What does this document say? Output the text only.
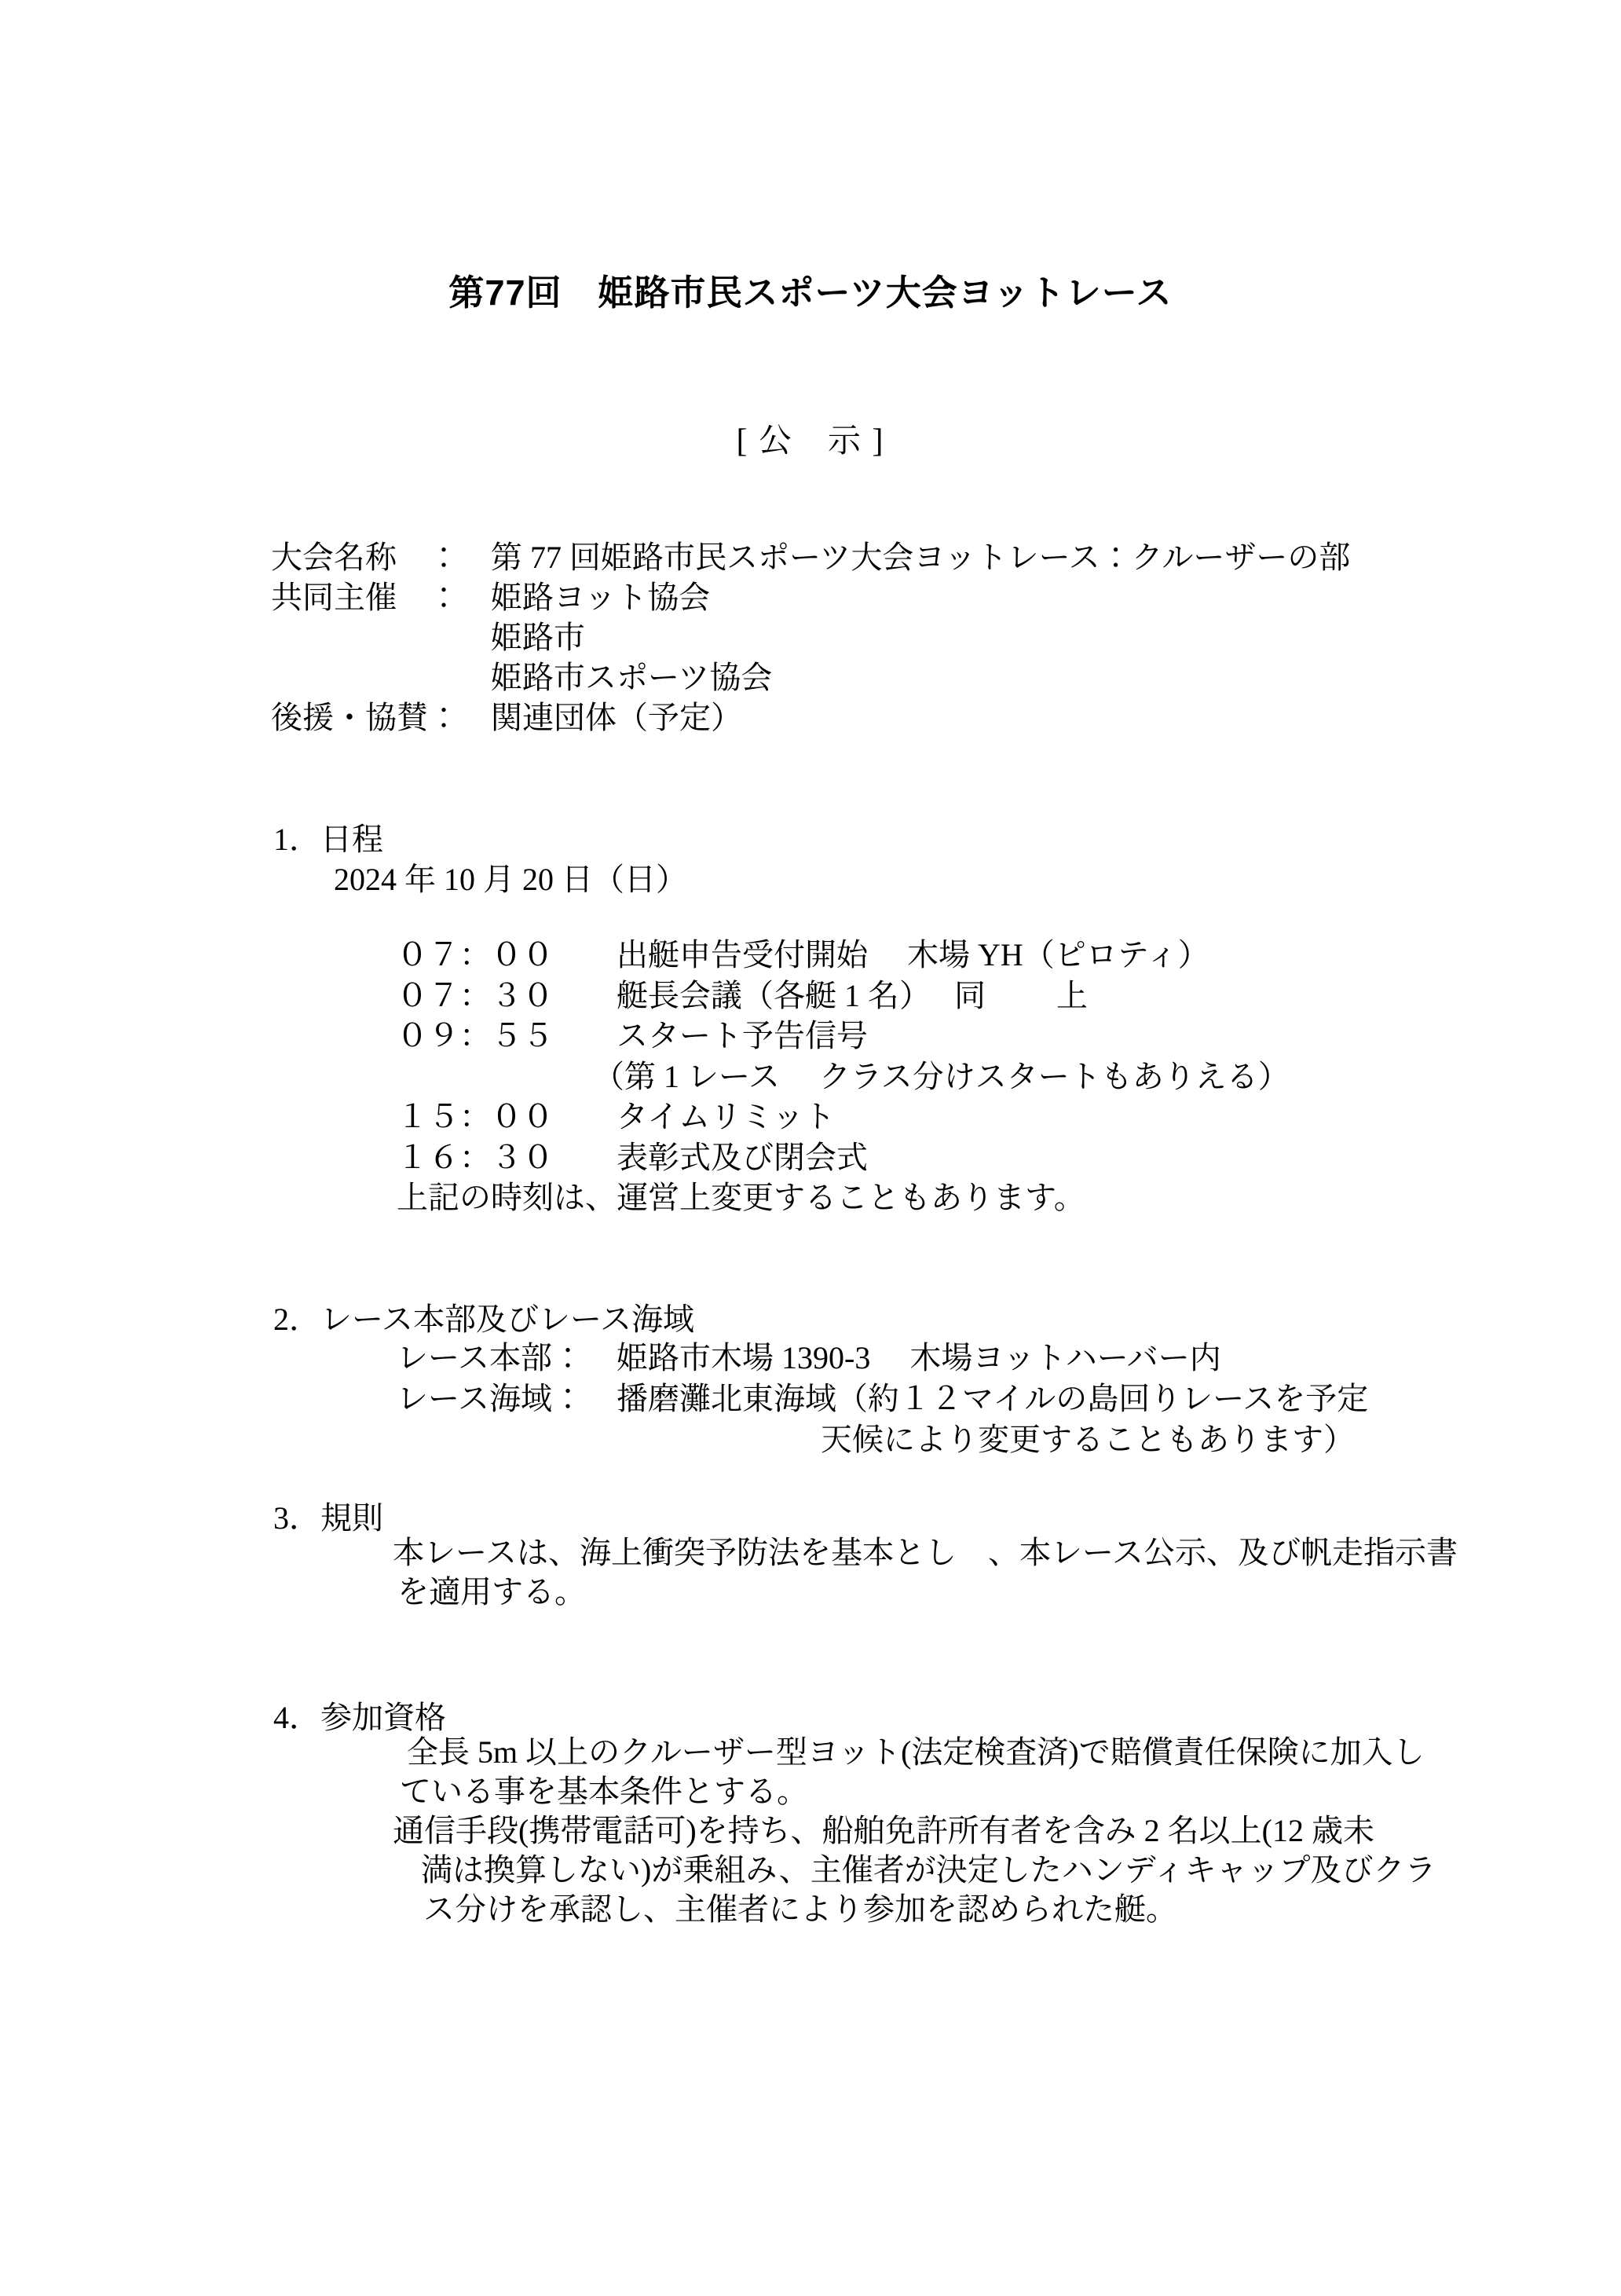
第77回　姫路市民スポーツ大会ヨットレース
[ 公　示 ]
大会名称　：	第 77 回姫路市民スポーツ大会ヨットレース：クルーザーの部
共同主催　：	姫路ヨット協会
姫路市
姫路市スポーツ協会
後援・協賛：	関連団体（予定）
1．日程
2024 年 10 月 20 日（日）
０７：００	出艇申告受付開始　 木場 YH（ピロティ）
０７：３０	艇長会議（各艇 1 名）　 同　　 上
０９：５５	スタート予告信号
（第 1 レース　 クラス分けスタートもありえる）
１５：００	タイムリミット
１６：３０	表彰式及び閉会式
上記の時刻は、運営上変更することもあります。
2．レース本部及びレース海域
レース本部：	姫路市木場 1390-3　 木場ヨットハーバー内
レース海域：	播磨灘北東海域（約１２マイルの島回りレースを予定
天候により変更することもあります）
3．規則
本レースは、海上衝突予防法を基本とし　、本レース公示、及び帆走指示書
を適用する。
4．参加資格
全長 5m 以上のクルーザー型ヨット(法定検査済)で賠償責任保険に加入し
ている事を基本条件とする。
通信手段(携帯電話可)を持ち、船舶免許所有者を含み 2 名以上(12 歳未
満は換算しない)が乗組み、主催者が決定したハンディキャップ及びクラ
ス分けを承認し、主催者により参加を認められた艇。
